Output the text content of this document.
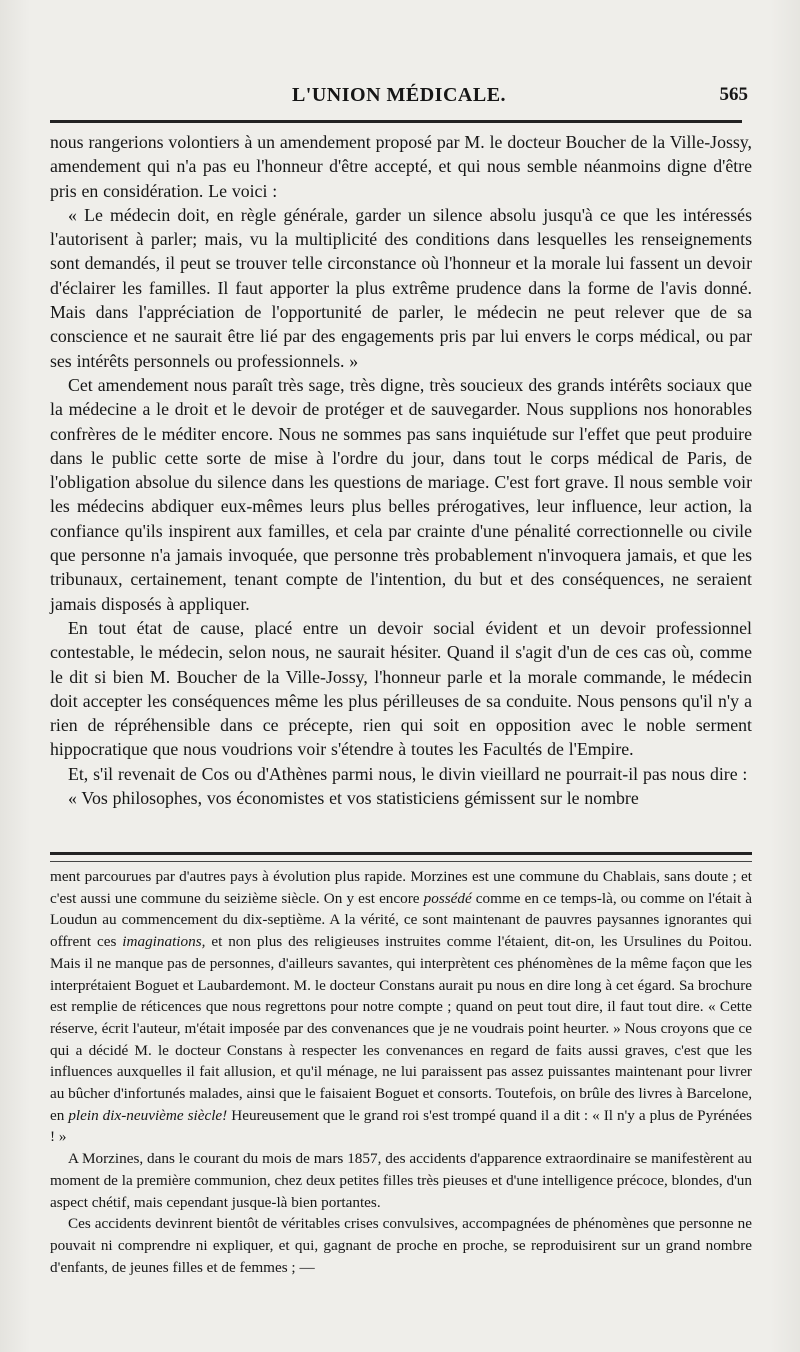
L'UNION MÉDICALE.	565

nous rangerions volontiers à un amendement proposé par M. le docteur Boucher de la Ville-Jossy, amendement qui n'a pas eu l'honneur d'être accepté, et qui nous semble néanmoins digne d'être pris en considération. Le voici :

« Le médecin doit, en règle générale, garder un silence absolu jusqu'à ce que les intéressés l'autorisent à parler; mais, vu la multiplicité des conditions dans lesquelles les renseignements sont demandés, il peut se trouver telle circonstance où l'honneur et la morale lui fassent un devoir d'éclairer les familles. Il faut apporter la plus extrême prudence dans la forme de l'avis donné. Mais dans l'appréciation de l'opportunité de parler, le médecin ne peut relever que de sa conscience et ne saurait être lié par des engagements pris par lui envers le corps médical, ou par ses intérêts personnels ou professionnels. »

Cet amendement nous paraît très sage, très digne, très soucieux des grands intérêts sociaux que la médecine a le droit et le devoir de protéger et de sauvegarder. Nous supplions nos honorables confrères de le méditer encore. Nous ne sommes pas sans inquiétude sur l'effet que peut produire dans le public cette sorte de mise à l'ordre du jour, dans tout le corps médical de Paris, de l'obligation absolue du silence dans les questions de mariage. C'est fort grave. Il nous semble voir les médecins abdiquer eux-mêmes leurs plus belles prérogatives, leur influence, leur action, la confiance qu'ils inspirent aux familles, et cela par crainte d'une pénalité correctionnelle ou civile que personne n'a jamais invoquée, que personne très probablement n'invoquera jamais, et que les tribunaux, certainement, tenant compte de l'intention, du but et des conséquences, ne seraient jamais disposés à appliquer.

En tout état de cause, placé entre un devoir social évident et un devoir professionnel contestable, le médecin, selon nous, ne saurait hésiter. Quand il s'agit d'un de ces cas où, comme le dit si bien M. Boucher de la Ville-Jossy, l'honneur parle et la morale commande, le médecin doit accepter les conséquences même les plus périlleuses de sa conduite. Nous pensons qu'il n'y a rien de répréhensible dans ce précepte, rien qui soit en opposition avec le noble serment hippocratique que nous voudrions voir s'étendre à toutes les Facultés de l'Empire.

Et, s'il revenait de Cos ou d'Athènes parmi nous, le divin vieillard ne pourrait-il pas nous dire :

« Vos philosophes, vos économistes et vos statisticiens gémissent sur le nombre

ment parcourues par d'autres pays à évolution plus rapide. Morzines est une commune du Chablais, sans doute ; et c'est aussi une commune du seizième siècle. On y est encore possédé comme en ce temps-là, ou comme on l'était à Loudun au commencement du dix-septième. A la vérité, ce sont maintenant de pauvres paysannes ignorantes qui offrent ces imaginations, et non plus des religieuses instruites comme l'étaient, dit-on, les Ursulines du Poitou. Mais il ne manque pas de personnes, d'ailleurs savantes, qui interprètent ces phénomènes de la même façon que les interprétaient Boguet et Laubardemont. M. le docteur Constans aurait pu nous en dire long à cet égard. Sa brochure est remplie de réticences que nous regrettons pour notre compte ; quand on peut tout dire, il faut tout dire. « Cette réserve, écrit l'auteur, m'était imposée par des convenances que je ne voudrais point heurter. » Nous croyons que ce qui a décidé M. le docteur Constans à respecter les convenances en regard de faits aussi graves, c'est que les influences auxquelles il fait allusion, et qu'il ménage, ne lui paraissent pas assez puissantes maintenant pour livrer au bûcher d'infortunés malades, ainsi que le faisaient Boguet et consorts. Toutefois, on brûle des livres à Barcelone, en plein dix-neuvième siècle! Heureusement que le grand roi s'est trompé quand il a dit : « Il n'y a plus de Pyrénées ! »

A Morzines, dans le courant du mois de mars 1857, des accidents d'apparence extraordinaire se manifestèrent au moment de la première communion, chez deux petites filles très pieuses et d'une intelligence précoce, blondes, d'un aspect chétif, mais cependant jusque-là bien portantes.

Ces accidents devinrent bientôt de véritables crises convulsives, accompagnées de phénomènes que personne ne pouvait ni comprendre ni expliquer, et qui, gagnant de proche en proche, se reproduisirent sur un grand nombre d'enfants, de jeunes filles et de femmes ; —
